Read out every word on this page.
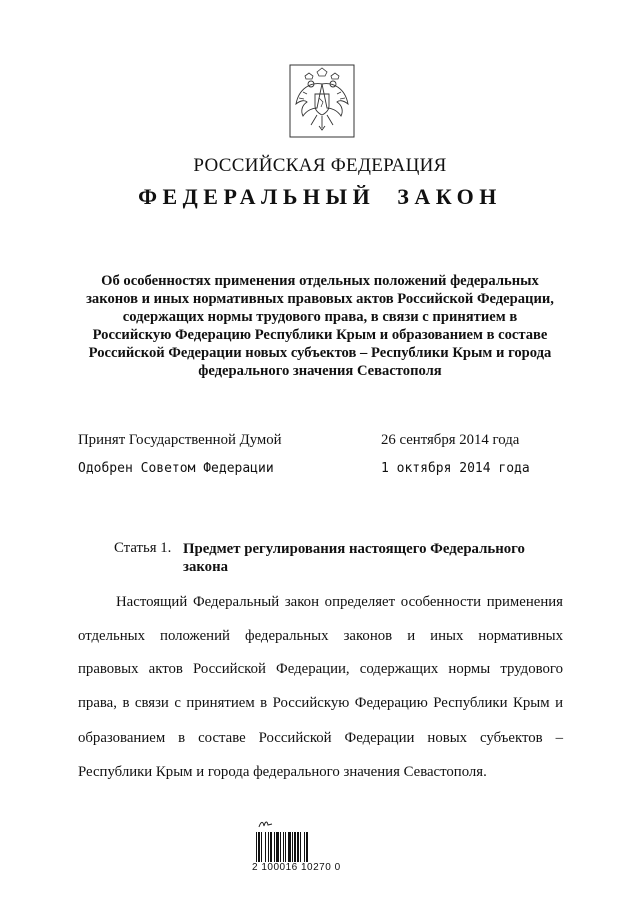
РОССИЙСКАЯ ФЕДЕРАЦИЯ
ФЕДЕРАЛЬНЫЙ ЗАКОН
Об особенностях применения отдельных положений федеральных
законов и иных нормативных правовых актов Российской Федерации,
содержащих нормы трудового права, в связи с принятием в
Российскую Федерацию Республики Крым и образованием в составе
Российской Федерации новых субъектов – Республики Крым и города
федерального значения Севастополя
Принят Государственной Думой	26 сентября 2014 года
Одобрен Советом Федерации	1 октября 2014 года
Статья 1. Предмет регулирования настоящего Федерального
закона
Настоящий Федеральный закон определяет особенности применения
отдельных положений федеральных законов и иных нормативных
правовых актов Российской Федерации, содержащих нормы трудового
права, в связи с принятием в Российскую Федерацию Республики Крым и
образованием в составе Российской Федерации новых субъектов –
Республики Крым и города федерального значения Севастополя.
2 100016 10270 0
